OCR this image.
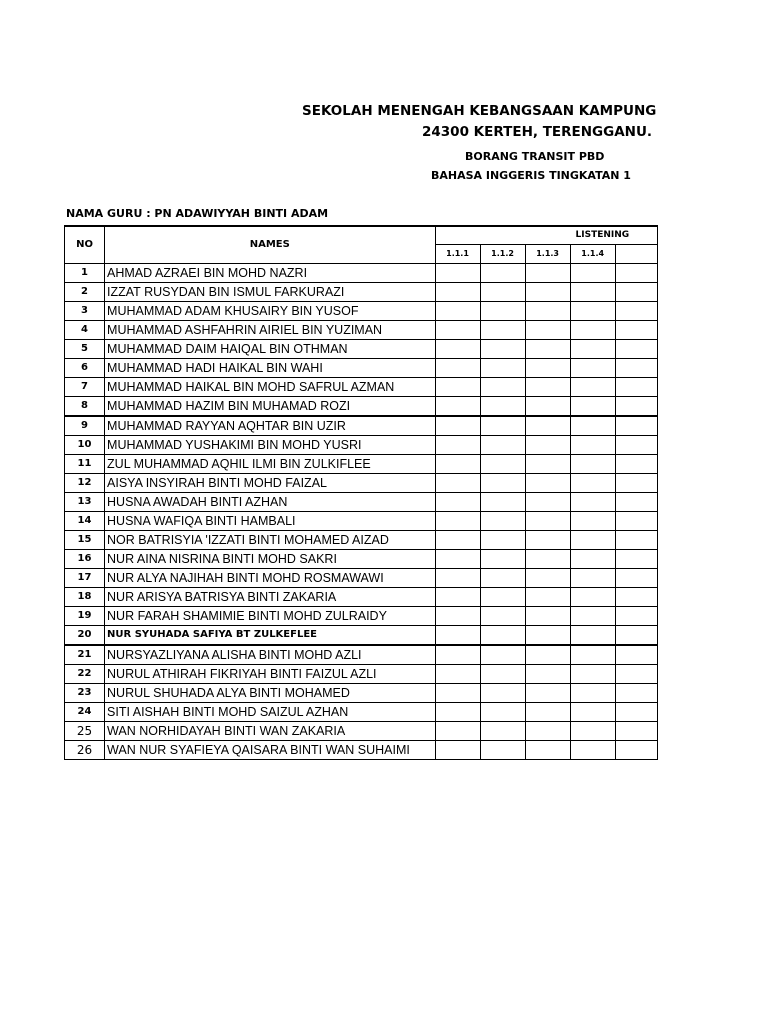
SEKOLAH MENENGAH KEBANGSAAN KAMPUNG
24300 KERTEH, TERENGGANU.
BORANG TRANSIT PBD
BAHASA INGGERIS TINGKATAN 1
NAMA GURU : PN ADAWIYYAH BINTI ADAM
NO	NAMES	LISTENING				
		1.1.1	1.1.2	1.1.3	1.1.4	
1	AHMAD AZRAEI BIN MOHD NAZRI					
2	IZZAT RUSYDAN BIN ISMUL FARKURAZI					
3	MUHAMMAD ADAM KHUSAIRY BIN YUSOF					
4	MUHAMMAD ASHFAHRIN AIRIEL BIN YUZIMAN					
5	MUHAMMAD DAIM HAIQAL BIN OTHMAN					
6	MUHAMMAD HADI HAIKAL BIN WAHI					
7	MUHAMMAD HAIKAL BIN MOHD SAFRUL AZMAN					
8	MUHAMMAD HAZIM BIN MUHAMAD ROZI					
9	MUHAMMAD RAYYAN AQHTAR BIN UZIR					
10	MUHAMMAD YUSHAKIMI BIN MOHD YUSRI					
11	ZUL MUHAMMAD AQHIL ILMI BIN ZULKIFLEE					
12	AISYA INSYIRAH BINTI MOHD FAIZAL					
13	HUSNA AWADAH BINTI AZHAN					
14	HUSNA WAFIQA BINTI HAMBALI					
15	NOR BATRISYIA 'IZZATI BINTI MOHAMED AIZAD					
16	NUR AINA NISRINA BINTI MOHD SAKRI					
17	NUR ALYA NAJIHAH BINTI MOHD ROSMAWAWI					
18	NUR ARISYA BATRISYA BINTI ZAKARIA					
19	NUR FARAH SHAMIMIE BINTI MOHD ZULRAIDY					
20	NUR SYUHADA SAFIYA BT ZULKEFLEE					
21	NURSYAZLIYANA ALISHA BINTI MOHD AZLI					
22	NURUL ATHIRAH FIKRIYAH BINTI FAIZUL AZLI					
23	NURUL SHUHADA ALYA BINTI MOHAMED					
24	SITI AISHAH BINTI MOHD SAIZUL AZHAN					
25	WAN NORHIDAYAH BINTI WAN ZAKARIA					
26	WAN NUR SYAFIEYA QAISARA BINTI WAN SUHAIMI					
